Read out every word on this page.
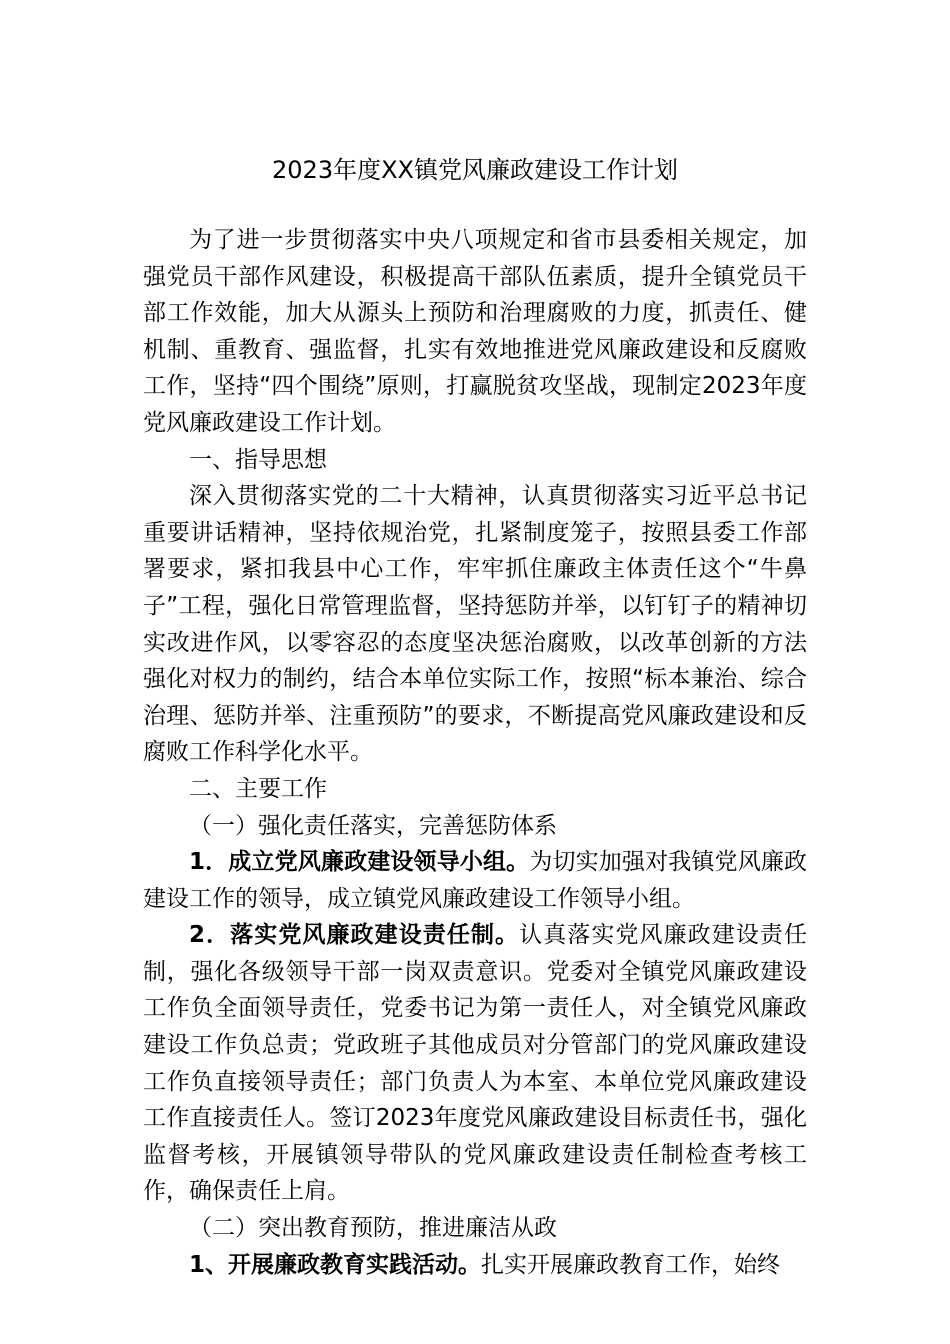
2023年度XX镇党风廉政建设工作计划

为了进一步贯彻落实中央八项规定和省市县委相关规定，加强党员干部作风建设，积极提高干部队伍素质，提升全镇党员干部工作效能，加大从源头上预防和治理腐败的力度，抓责任、健机制、重教育、强监督，扎实有效地推进党风廉政建设和反腐败工作，坚持“四个围绕”原则，打赢脱贫攻坚战，现制定2023年度党风廉政建设工作计划。

一、指导思想

深入贯彻落实党的二十大精神，认真贯彻落实习近平总书记重要讲话精神，坚持依规治党，扎紧制度笼子，按照县委工作部署要求，紧扣我县中心工作，牢牢抓住廉政主体责任这个“牛鼻子”工程，强化日常管理监督，坚持惩防并举，以钉钉子的精神切实改进作风，以零容忍的态度坚决惩治腐败，以改革创新的方法强化对权力的制约，结合本单位实际工作，按照“标本兼治、综合治理、惩防并举、注重预防”的要求，不断提高党风廉政建设和反腐败工作科学化水平。

二、主要工作

（一）强化责任落实，完善惩防体系

1．成立党风廉政建设领导小组。为切实加强对我镇党风廉政建设工作的领导，成立镇党风廉政建设工作领导小组。

2．落实党风廉政建设责任制。认真落实党风廉政建设责任制，强化各级领导干部一岗双责意识。党委对全镇党风廉政建设工作负全面领导责任，党委书记为第一责任人，对全镇党风廉政建设工作负总责；党政班子其他成员对分管部门的党风廉政建设工作负直接领导责任；部门负责人为本室、本单位党风廉政建设工作直接责任人。签订2023年度党风廉政建设目标责任书，强化监督考核，开展镇领导带队的党风廉政建设责任制检查考核工作，确保责任上肩。

（二）突出教育预防，推进廉洁从政

1、开展廉政教育实践活动。扎实开展廉政教育工作，始终
